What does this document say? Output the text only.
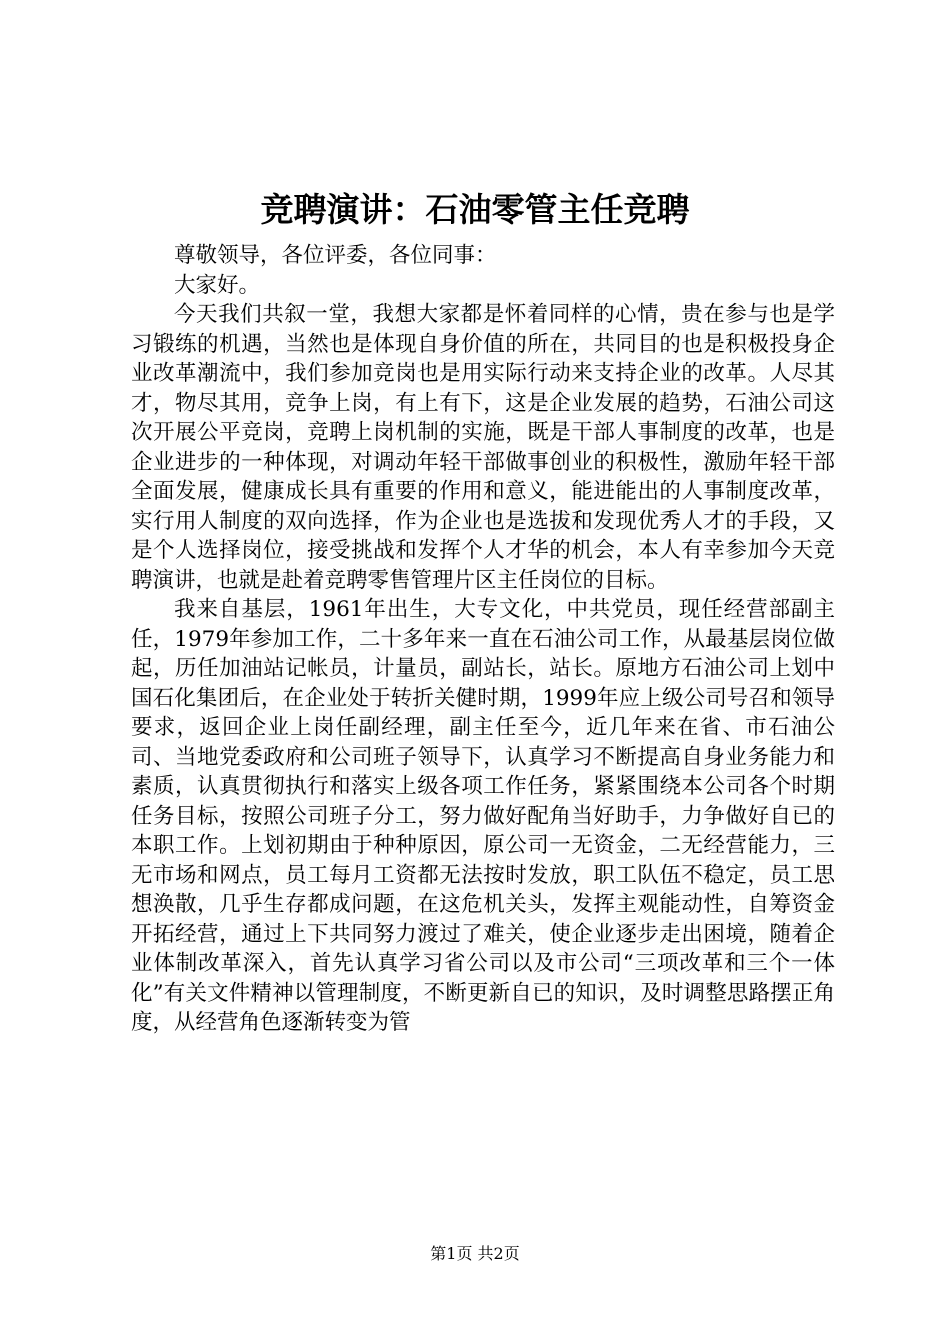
竞聘演讲：石油零管主任竞聘

尊敬领导，各位评委，各位同事：

大家好。

今天我们共叙一堂，我想大家都是怀着同样的心情，贵在参与也是学习锻练的机遇，当然也是体现自身价值的所在，共同目的也是积极投身企业改革潮流中，我们参加竞岗也是用实际行动来支持企业的改革。人尽其才，物尽其用，竞争上岗，有上有下，这是企业发展的趋势，石油公司这次开展公平竞岗，竞聘上岗机制的实施，既是干部人事制度的改革，也是企业进步的一种体现，对调动年轻干部做事创业的积极性，激励年轻干部全面发展，健康成长具有重要的作用和意义，能进能出的人事制度改革，实行用人制度的双向选择，作为企业也是选拔和发现优秀人才的手段，又是个人选择岗位，接受挑战和发挥个人才华的机会，本人有幸参加今天竞聘演讲，也就是赴着竞聘零售管理片区主任岗位的目标。

我来自基层，1961年出生，大专文化，中共党员，现任经营部副主任，1979年参加工作，二十多年来一直在石油公司工作，从最基层岗位做起，历任加油站记帐员，计量员，副站长，站长。原地方石油公司上划中国石化集团后，在企业处于转折关健时期，1999年应上级公司号召和领导要求，返回企业上岗任副经理，副主任至今，近几年来在省、市石油公司、当地党委政府和公司班子领导下，认真学习不断提高自身业务能力和素质，认真贯彻执行和落实上级各项工作任务，紧紧围绕本公司各个时期任务目标，按照公司班子分工，努力做好配角当好助手，力争做好自已的本职工作。上划初期由于种种原因，原公司一无资金，二无经营能力，三无市场和网点，员工每月工资都无法按时发放，职工队伍不稳定，员工思想涣散，几乎生存都成问题，在这危机关头，发挥主观能动性，自筹资金开拓经营，通过上下共同努力渡过了难关，使企业逐步走出困境，随着企业体制改革深入，首先认真学习省公司以及市公司“三项改革和三个一体化”有关文件精神以管理制度，不断更新自已的知识，及时调整思路摆正角度，从经营角色逐渐转变为管

第1页 共2页
